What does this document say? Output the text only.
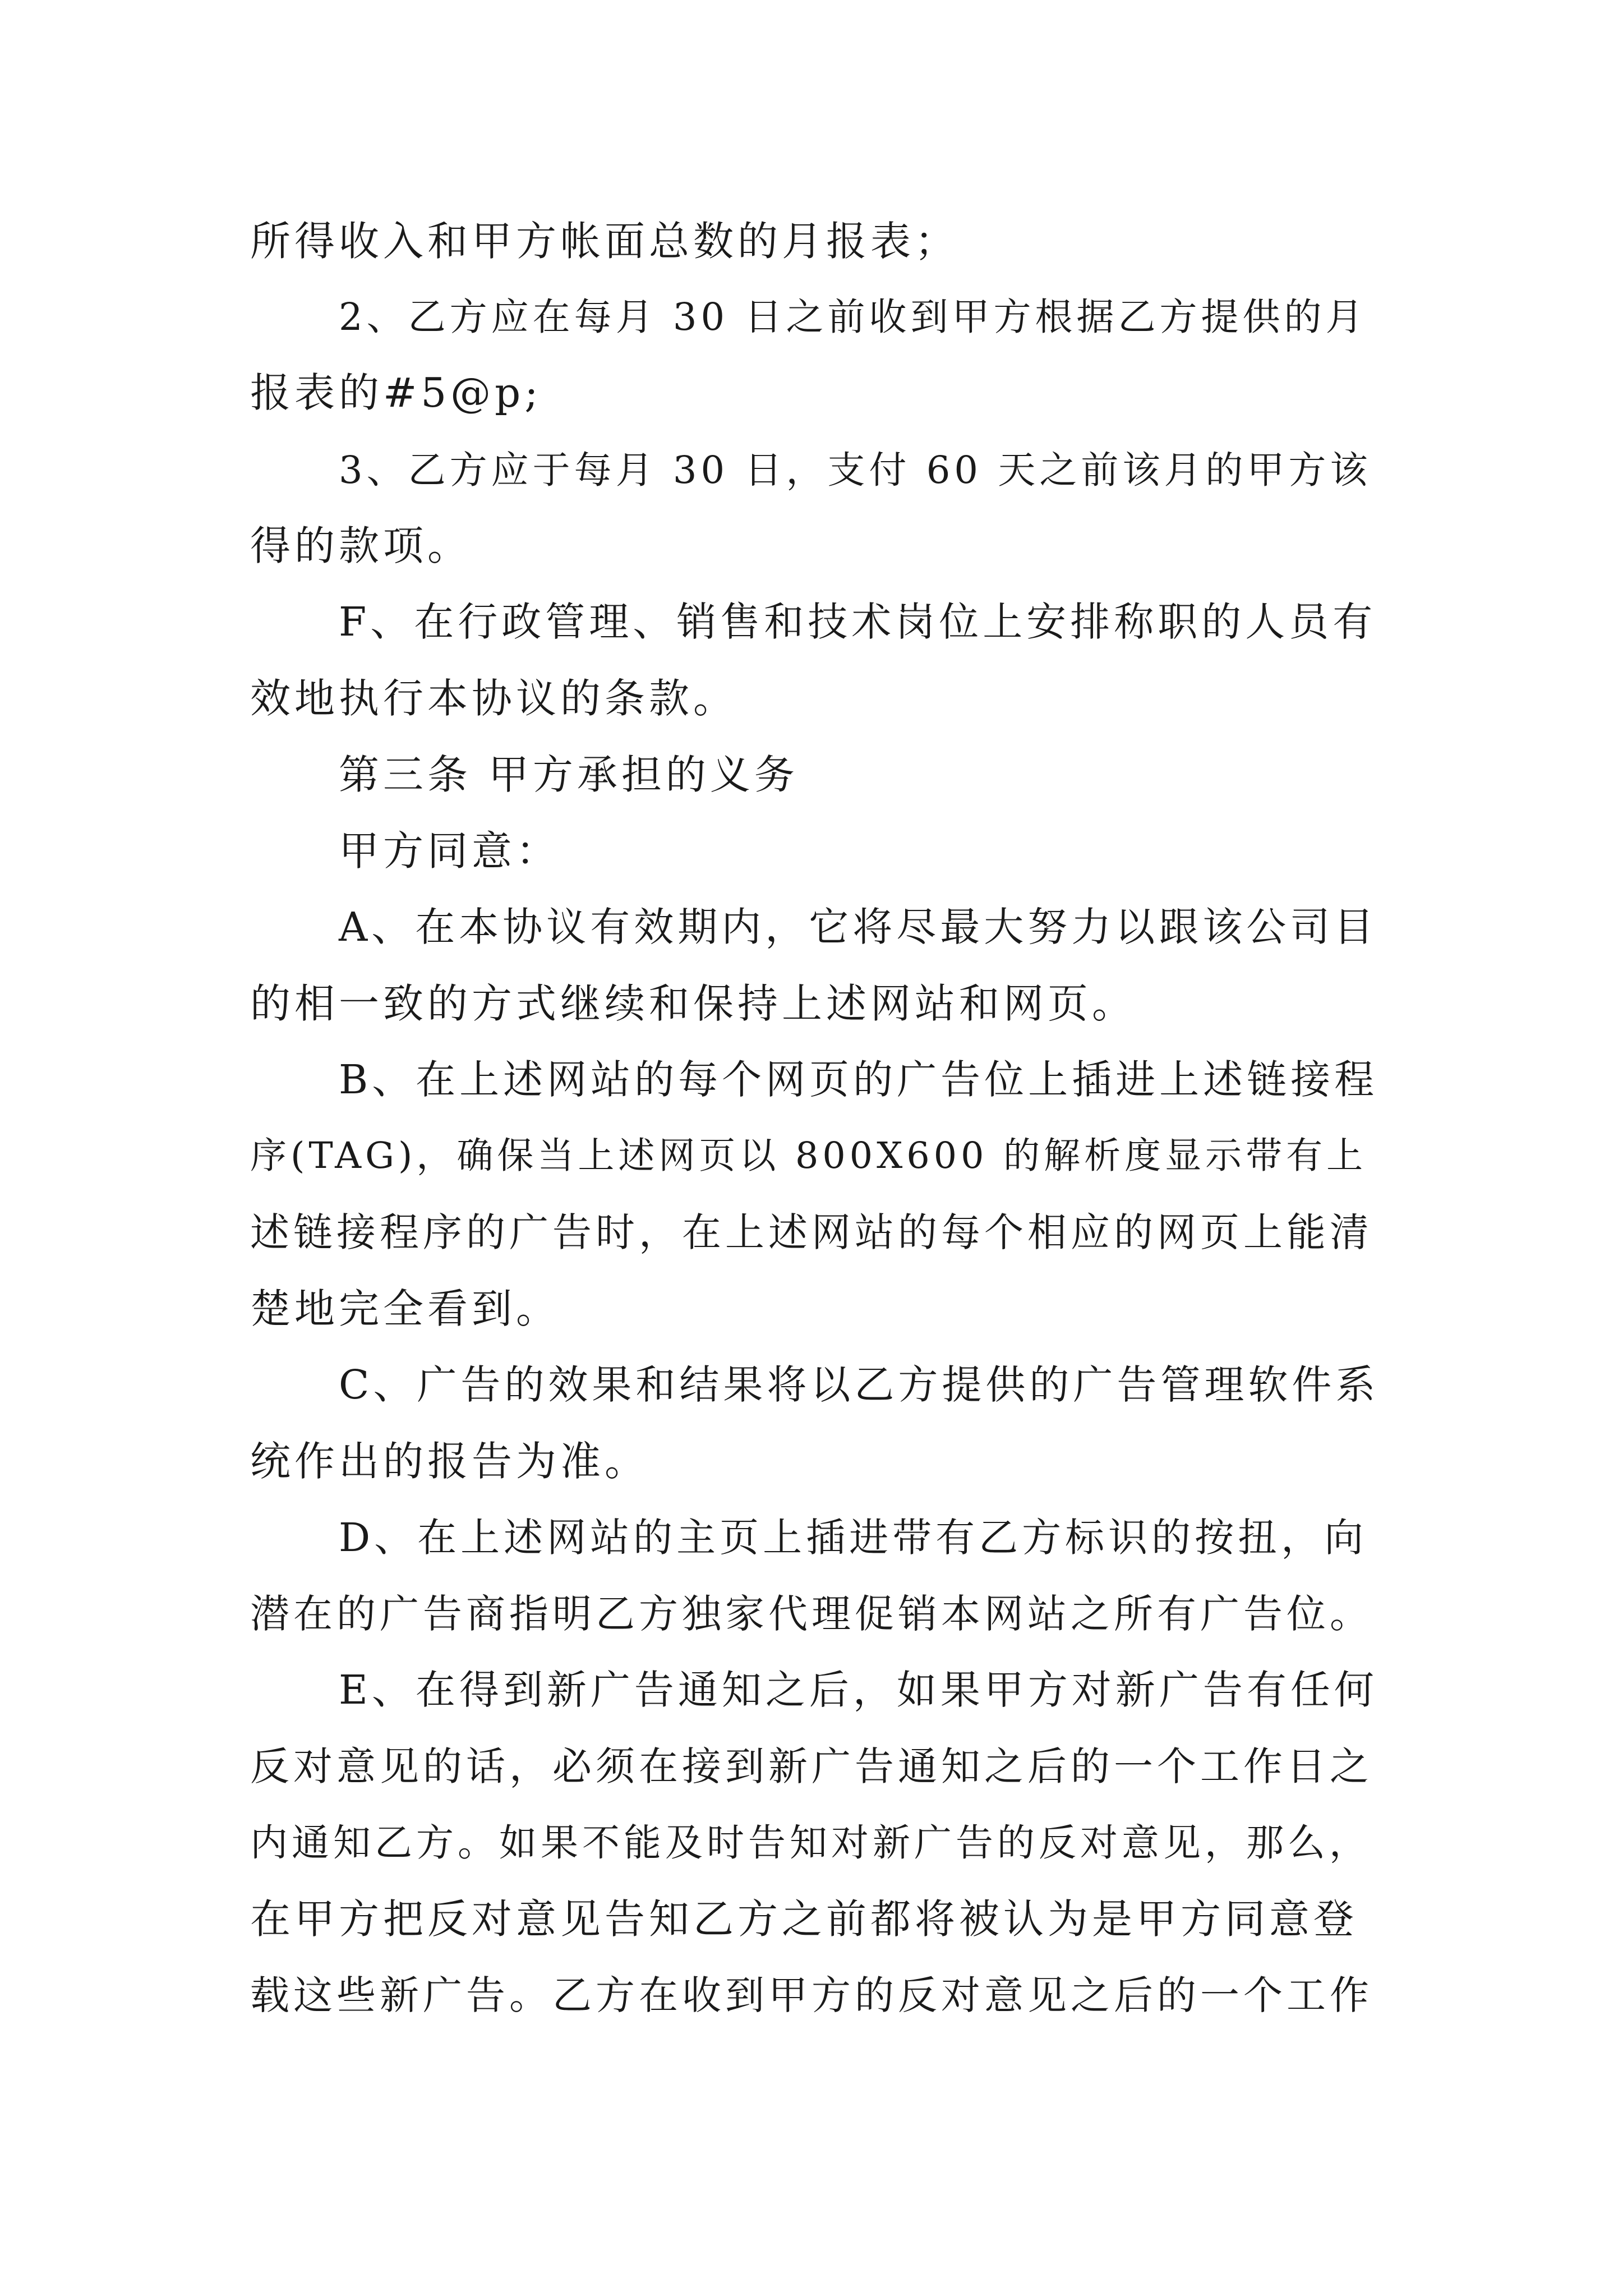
所得收入和甲方帐面总数的月报表；
2、乙方应在每月 30 日之前收到甲方根据乙方提供的月
报表的#5@p;
3、乙方应于每月 30 日，支付 60 天之前该月的甲方该
得的款项。
F、在行政管理、销售和技术岗位上安排称职的人员有
效地执行本协议的条款。
第三条 甲方承担的义务
甲方同意：
A、在本协议有效期内，它将尽最大努力以跟该公司目
的相一致的方式继续和保持上述网站和网页。
B、在上述网站的每个网页的广告位上插进上述链接程
序(TAG)，确保当上述网页以 800X600 的解析度显示带有上
述链接程序的广告时，在上述网站的每个相应的网页上能清
楚地完全看到。
C、广告的效果和结果将以乙方提供的广告管理软件系
统作出的报告为准。
D、在上述网站的主页上插进带有乙方标识的按扭，向
潜在的广告商指明乙方独家代理促销本网站之所有广告位。
E、在得到新广告通知之后，如果甲方对新广告有任何
反对意见的话，必须在接到新广告通知之后的一个工作日之
内通知乙方。如果不能及时告知对新广告的反对意见，那么，
在甲方把反对意见告知乙方之前都将被认为是甲方同意登
载这些新广告。乙方在收到甲方的反对意见之后的一个工作
